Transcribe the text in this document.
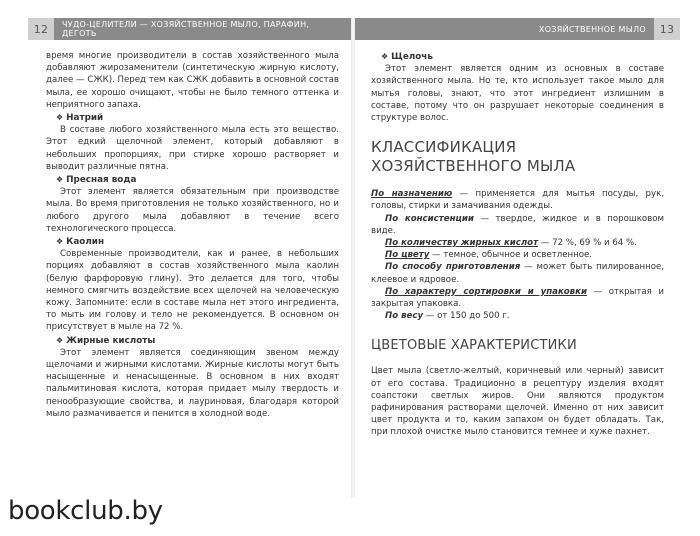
12	ЧУДО-ЦЕЛИТЕЛИ — ХОЗЯЙСТВЕННОЕ МЫЛО, ПАРАФИН, ДЕГОТЬ

время многие производители в состав хозяйственного мыла добавляют жирозаменители (синтетическую жирную кислоту, далее — СЖК). Перед тем как СЖК добавить в основной состав мыла, ее хорошо очищают, чтобы не было темного оттенка и неприятного запаха.

❖ Натрий

В составе любого хозяйственного мыла есть это вещество. Этот едкий щелочной элемент, который добавляют в небольших пропорциях, при стирке хорошо растворяет и выводит различные пятна.

❖ Пресная вода

Этот элемент является обязательным при производстве мыла. Во время приготовления не только хозяйственного, но и любого другого мыла добавляют в течение всего технологического процесса.

❖ Каолин

Современные производители, как и ранее, в небольших порциях добавляют в состав хозяйственного мыла каолин (белую фарфоровую глину). Это делается для того, чтобы немного смягчить воздействие всех щелочей на человеческую кожу. Запомните: если в составе мыла нет этого ингредиента, то мыть им голову и тело не рекомендуется. В основном он присутствует в мыле на 72 %.

❖ Жирные кислоты

Этот элемент является соединяющим звеном между щелочами и жирными кислотами. Жирные кислоты могут быть насыщенные и ненасыщенные. В основном в них входят пальмитиновая кислота, которая придает мылу твердость и пенообразующие свойства, и лауриновая, благодаря которой мыло размачивается и пенится в холодной воде.

ХОЗЯЙСТВЕННОЕ МЫЛО	13
❖ Щелочь

Этот элемент является одним из основных в составе хозяйственного мыла. Но те, кто использует такое мыло для мытья головы, знают, что этот ингредиент излишним в составе, потому что он разрушает некоторые соединения в структуре волос.

КЛАССИФИКАЦИЯ ХОЗЯЙСТВЕННОГО МЫЛА

По назначению — применяется для мытья посуды, рук, головы, стирки и замачивания одежды.

По консистенции — твердое, жидкое и в порошковом виде.

По количеству жирных кислот — 72 %, 69 % и 64 %.

По цвету — темное, обычное и осветленное.

По способу приготовления — может быть пилированное, клеевое и ядровое.

По характеру сортировки и упаковки — открытая и закрытая упаковка.

По весу — от 150 до 500 г.

ЦВЕТОВЫЕ ХАРАКТЕРИСТИКИ

Цвет мыла (светло-желтый, коричневый или черный) зависит от его состава. Традиционно в рецептуру изделия входят соапстоки светлых жиров. Они являются продуктом рафинирования растворами щелочей. Именно от них зависит цвет продукта и то, каким запахом он будет обладать. Так, при плохой очистке мыло становится темнее и хуже пахнет.

bookclub.by
